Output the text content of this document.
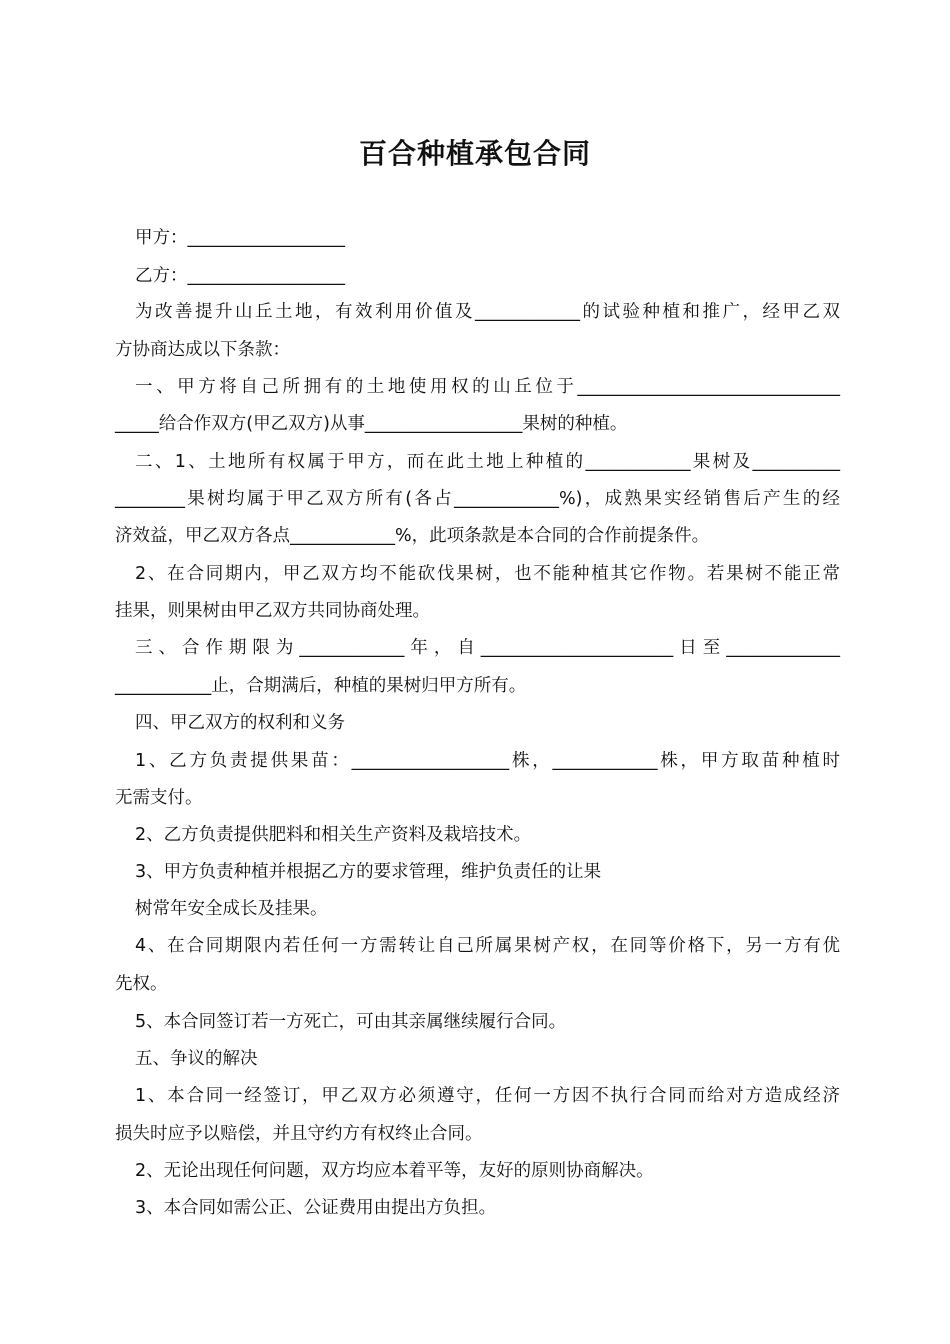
百合种植承包合同
甲方：__________________
乙方：__________________
为改善提升山丘土地，有效利用价值及____________的试验种植和推广，经甲乙双
方协商达成以下条款：
一、甲方将自己所拥有的土地使用权的山丘位于______________________________
_____给合作双方(甲乙双方)从事__________________果树的种植。
二、1、土地所有权属于甲方，而在此土地上种植的____________果树及__________
________果树均属于甲乙双方所有(各占____________%)，成熟果实经销售后产生的经
济效益，甲乙双方各点____________%，此项条款是本合同的合作前提条件。
2、在合同期内，甲乙双方均不能砍伐果树，也不能种植其它作物。若果树不能正常
挂果，则果树由甲乙双方共同协商处理。
三、合作期限为____________年，自______________________日至_____________
___________止，合期满后，种植的果树归甲方所有。
四、甲乙双方的权利和义务
1、乙方负责提供果苗：__________________株，____________株，甲方取苗种植时
无需支付。
2、乙方负责提供肥料和相关生产资料及栽培技术。
3、甲方负责种植并根据乙方的要求管理，维护负责任的让果
树常年安全成长及挂果。
4、在合同期限内若任何一方需转让自己所属果树产权，在同等价格下，另一方有优
先权。
5、本合同签订若一方死亡，可由其亲属继续履行合同。
五、争议的解决
1、本合同一经签订，甲乙双方必须遵守，任何一方因不执行合同而给对方造成经济
损失时应予以赔偿，并且守约方有权终止合同。
2、无论出现任何问题，双方均应本着平等，友好的原则协商解决。
3、本合同如需公正、公证费用由提出方负担。
